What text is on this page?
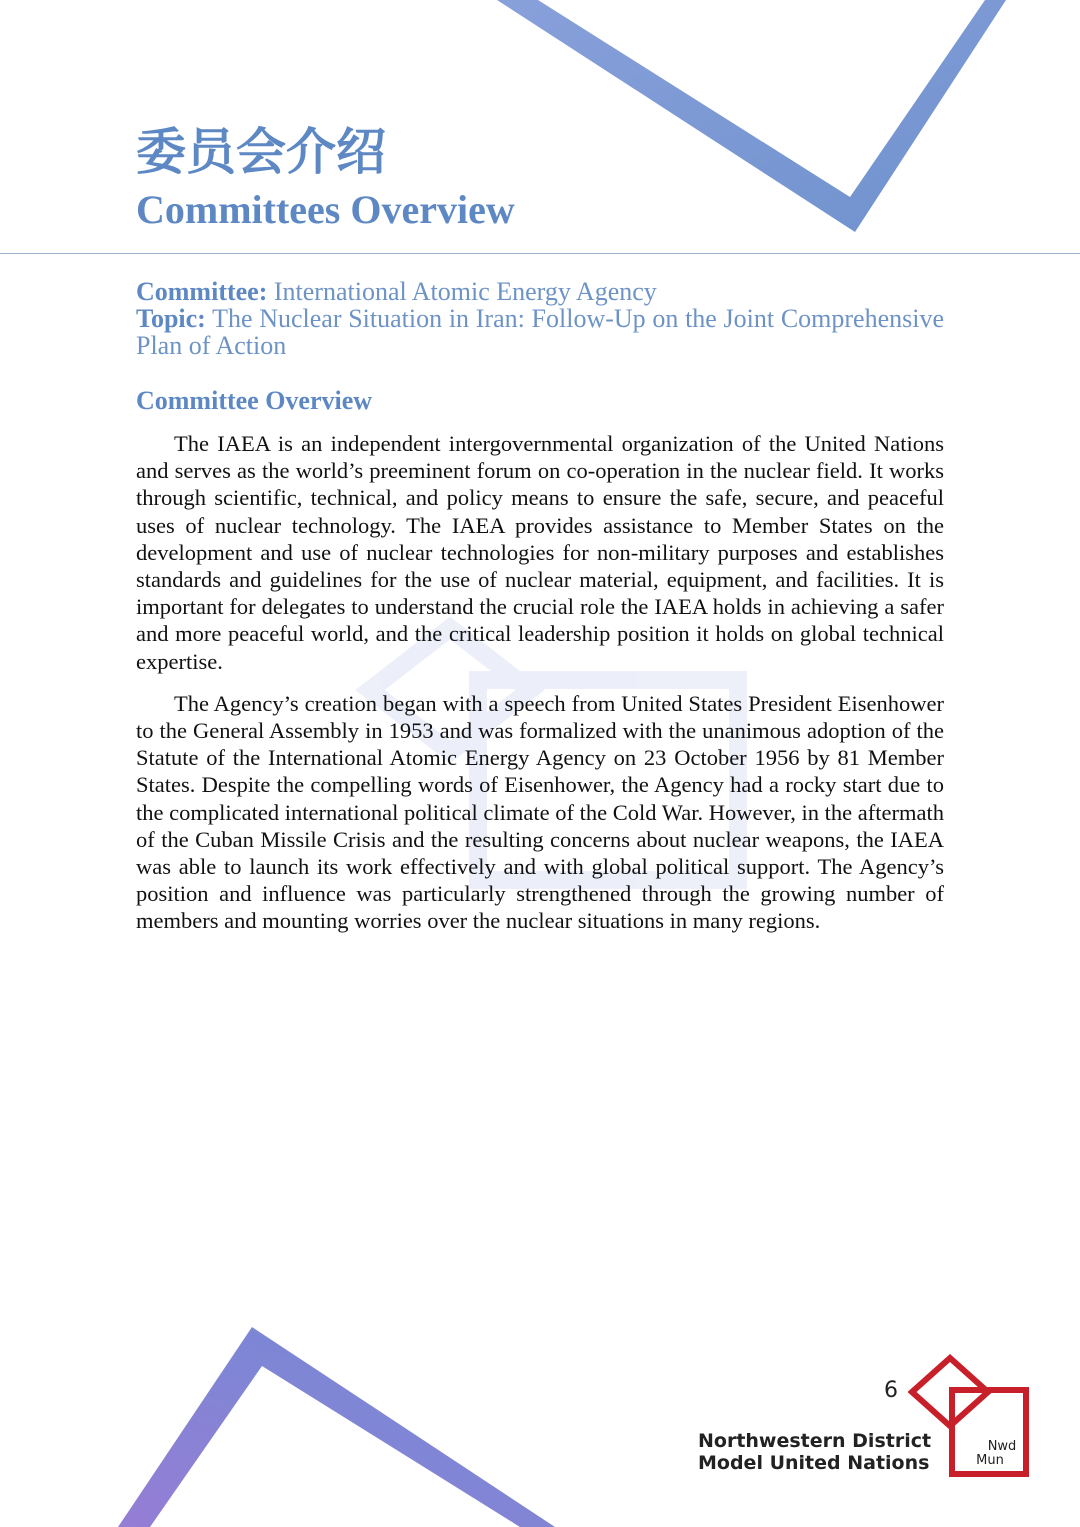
委员会介绍
Committees Overview
Committee: International Atomic Energy Agency
Topic: The Nuclear Situation in Iran: Follow-Up on the Joint Comprehensive Plan of Action
Committee Overview

The IAEA is an independent intergovernmental organization of the United Nations and serves as the world’s preeminent forum on co-operation in the nuclear field. It works through scientific, technical, and policy means to ensure the safe, secure, and peaceful uses of nuclear technology. The IAEA provides assistance to Member States on the development and use of nuclear technologies for non-military purposes and establishes standards and guidelines for the use of nuclear material, equipment, and facilities. It is important for delegates to understand the crucial role the IAEA holds in achieving a safer and more peaceful world, and the critical leadership position it holds on global technical expertise.

The Agency’s creation began with a speech from United States President Eisenhower to the General Assembly in 1953 and was formalized with the unanimous adoption of the Statute of the International Atomic Energy Agency on 23 October 1956 by 81 Member States. Despite the compelling words of Eisenhower, the Agency had a rocky start due to the complicated international political climate of the Cold War. However, in the aftermath of the Cuban Missile Crisis and the resulting concerns about nuclear weapons, the IAEA was able to launch its work effectively and with global political support. The Agency’s position and influence was particularly strengthened through the growing number of members and mounting worries over the nuclear situations in many regions.

6
Northwestern District
Model United Nations
Nwd
Mun
